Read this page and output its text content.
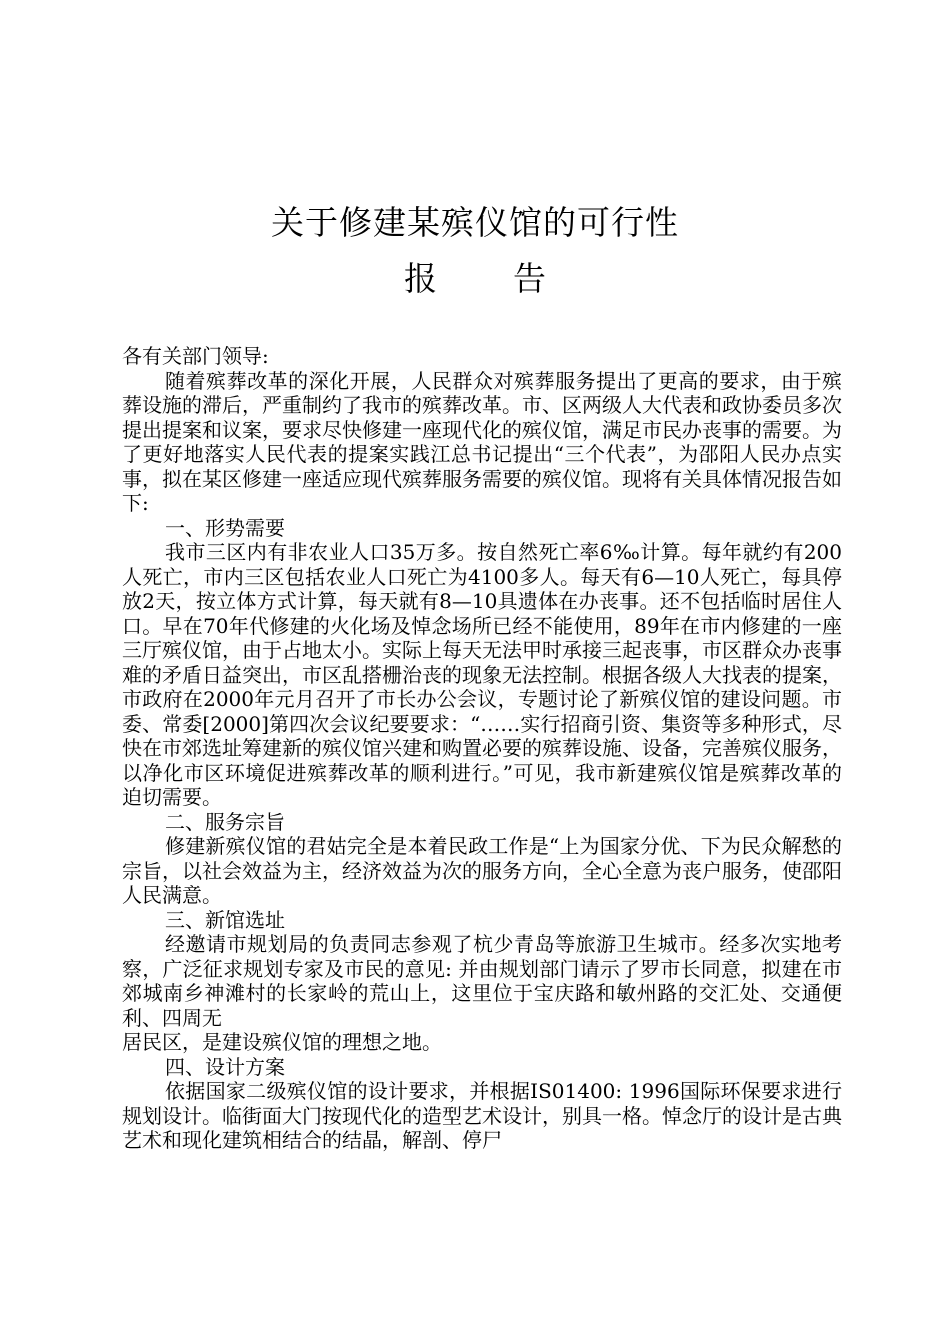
关于修建某殡仪馆的可行性
报告

各有关部门领导:

随着殡葬改革的深化开展，人民群众对殡葬服务提出了更高的要求，由于殡葬设施的滞后，严重制约了我市的殡葬改革。市、区两级人大代表和政协委员多次提出提案和议案，要求尽快修建一座现代化的殡仪馆，满足市民办丧事的需要。为了更好地落实人民代表的提案实践江总书记提出“三个代表”，为邵阳人民办点实事，拟在某区修建一座适应现代殡葬服务需要的殡仪馆。现将有关具体情况报告如下:

一、形势需要

我市三区内有非农业人口35万多。按自然死亡率6‰计算。每年就约有200人死亡，市内三区包括农业人口死亡为4100多人。每天有6—10人死亡，每具停放2天，按立体方式计算，每天就有8—10具遗体在办丧事。还不包括临时居住人口。早在70年代修建的火化场及悼念场所已经不能使用，89年在市内修建的一座三厅殡仪馆，由于占地太小。实际上每天无法甲时承接三起丧事，市区群众办丧事难的矛盾日益突出，市区乱搭栅治丧的现象无法控制。根据各级人大找表的提案，市政府在2000年元月召开了市长办公会议，专题讨论了新殡仪馆的建设问题。市委、常委[2000]第四次会议纪要要求：“……实行招商引资、集资等多种形式，尽快在市郊选址筹建新的殡仪馆兴建和购置必要的殡葬设施、设备，完善殡仪服务，以净化市区环境促进殡葬改革的顺利进行。”可见，我市新建殡仪馆是殡葬改革的迫切需要。

二、服务宗旨

修建新殡仪馆的君姑完全是本着民政工作是“上为国家分优、下为民众解愁的宗旨，以社会效益为主，经济效益为次的服务方向，全心全意为丧户服务，使邵阳人民满意。

三、新馆选址

经邀请市规划局的负责同志参观了杭少青岛等旅游卫生城市。经多次实地考察，广泛征求规划专家及市民的意见: 并由规划部门请示了罗市长同意，拟建在市郊城南乡神滩村的长家岭的荒山上，这里位于宝庆路和敏州路的交汇处、交通便利、四周无

居民区，是建设殡仪馆的理想之地。

四、设计方案

依据国家二级殡仪馆的设计要求，并根据IS01400: 1996国际环保要求进行规划设计。临街面大门按现代化的造型艺术设计，别具一格。悼念厅的设计是古典艺术和现化建筑相结合的结晶，解剖、停尸
